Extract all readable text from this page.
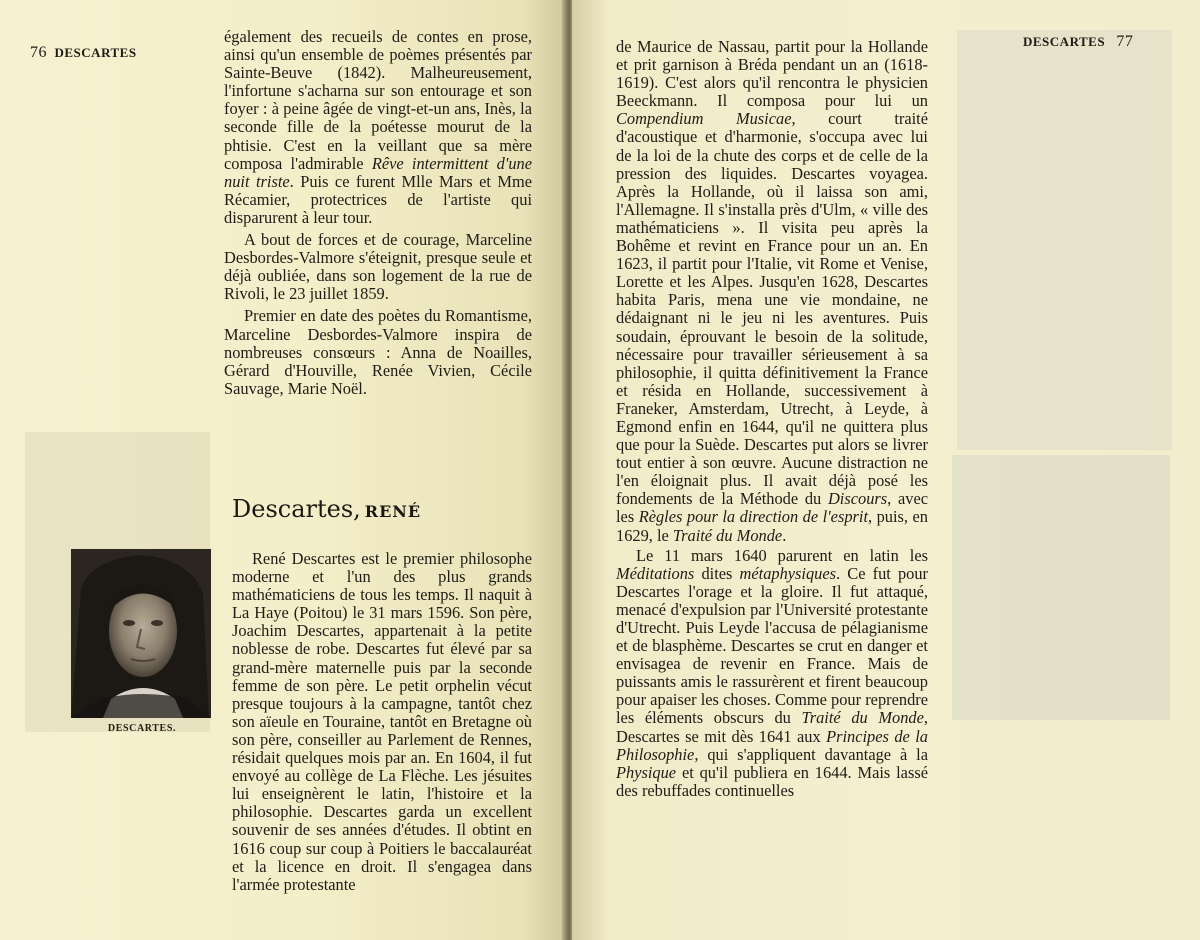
76 DESCARTES

également des recueils de contes en prose, ainsi qu'un ensemble de poèmes présentés par Sainte-Beuve (1842). Malheureusement, l'infortune s'acharna sur son entourage et son foyer : à peine âgée de vingt-et-un ans, Inès, la seconde fille de la poétesse mourut de la phtisie. C'est en la veillant que sa mère composa l'admirable Rêve intermittent d'une nuit triste. Puis ce furent Mlle Mars et Mme Récamier, protectrices de l'artiste qui disparurent à leur tour.

A bout de forces et de courage, Marceline Desbordes-Valmore s'éteignit, presque seule et déjà oubliée, dans son logement de la rue de Rivoli, le 23 juillet 1859.

Premier en date des poètes du Romantisme, Marceline Desbordes-Valmore inspira de nombreuses consœurs : Anna de Noailles, Gérard d'Houville, Renée Vivien, Cécile Sauvage, Marie Noël.

Descartes, RENÉ
DESCARTES.

René Descartes est le premier philosophe moderne et l'un des plus grands mathématiciens de tous les temps. Il naquit à La Haye (Poitou) le 31 mars 1596. Son père, Joachim Descartes, appartenait à la petite noblesse de robe. Descartes fut élevé par sa grand-mère maternelle puis par la seconde femme de son père. Le petit orphelin vécut presque toujours à la campagne, tantôt chez son aïeule en Touraine, tantôt en Bretagne où son père, conseiller au Parlement de Rennes, résidait quelques mois par an. En 1604, il fut envoyé au collège de La Flèche. Les jésuites lui enseignèrent le latin, l'histoire et la philosophie. Descartes garda un excellent souvenir de ses années d'études. Il obtint en 1616 coup sur coup à Poitiers le baccalauréat et la licence en droit. Il s'engagea dans l'armée protestante

DESCARTES 77

de Maurice de Nassau, partit pour la Hollande et prit garnison à Bréda pendant un an (1618-1619). C'est alors qu'il rencontra le physicien Beeckmann. Il composa pour lui un Compendium Musicae, court traité d'acoustique et d'harmonie, s'occupa avec lui de la loi de la chute des corps et de celle de la pression des liquides. Descartes voyagea. Après la Hollande, où il laissa son ami, l'Allemagne. Il s'installa près d'Ulm, « ville des mathématiciens ». Il visita peu après la Bohême et revint en France pour un an. En 1623, il partit pour l'Italie, vit Rome et Venise, Lorette et les Alpes. Jusqu'en 1628, Descartes habita Paris, mena une vie mondaine, ne dédaignant ni le jeu ni les aventures. Puis soudain, éprouvant le besoin de la solitude, nécessaire pour travailler sérieusement à sa philosophie, il quitta définitivement la France et résida en Hollande, successivement à Franeker, Amsterdam, Utrecht, à Leyde, à Egmond enfin en 1644, qu'il ne quittera plus que pour la Suède. Descartes put alors se livrer tout entier à son œuvre. Aucune distraction ne l'en éloignait plus. Il avait déjà posé les fondements de la Méthode du Discours, avec les Règles pour la direction de l'esprit, puis, en 1629, le Traité du Monde.

Le 11 mars 1640 parurent en latin les Méditations dites métaphysiques. Ce fut pour Descartes l'orage et la gloire. Il fut attaqué, menacé d'expulsion par l'Université protestante d'Utrecht. Puis Leyde l'accusa de pélagianisme et de blasphème. Descartes se crut en danger et envisagea de revenir en France. Mais de puissants amis le rassurèrent et firent beaucoup pour apaiser les choses. Comme pour reprendre les éléments obscurs du Traité du Monde, Descartes se mit dès 1641 aux Principes de la Philosophie, qui s'appliquent davantage à la Physique et qu'il publiera en 1644. Mais lassé des rebuffades continuelles
